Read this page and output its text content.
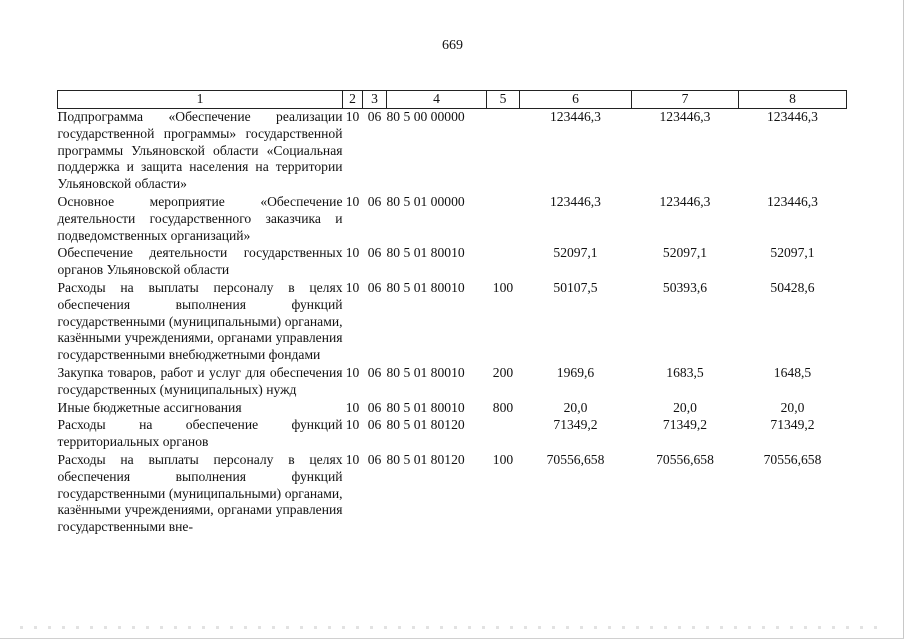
669
1	2	3	4	5	6	7	8
Подпрограмма «Обеспечение реализации государственной программы» государственной программы Ульяновской области «Социальная поддержка и защита населения на территории Ульяновской области»	10	06	80 5 00 00000		123446,3	123446,3	123446,3
Основное мероприятие «Обеспечение деятельности государственного заказчика и подведомственных организаций»	10	06	80 5 01 00000		123446,3	123446,3	123446,3
Обеспечение деятельности государственных органов Ульяновской области	10	06	80 5 01 80010		52097,1	52097,1	52097,1
Расходы на выплаты персоналу в целях обеспечения выполнения функций государственными (муниципальными) органами, казёнными учреждениями, органами управления государственными внебюджетными фондами	10	06	80 5 01 80010	100	50107,5	50393,6	50428,6
Закупка товаров, работ и услуг для обеспечения государственных (муниципальных) нужд	10	06	80 5 01 80010	200	1969,6	1683,5	1648,5
Иные бюджетные ассигнования	10	06	80 5 01 80010	800	20,0	20,0	20,0
Расходы на обеспечение функций территориальных органов	10	06	80 5 01 80120		71349,2	71349,2	71349,2
Расходы на выплаты персоналу в целях обеспечения выполнения функций государственными (муниципальными) органами, казёнными учреждениями, органами управления государственными вне-	10	06	80 5 01 80120	100	70556,658	70556,658	70556,658
